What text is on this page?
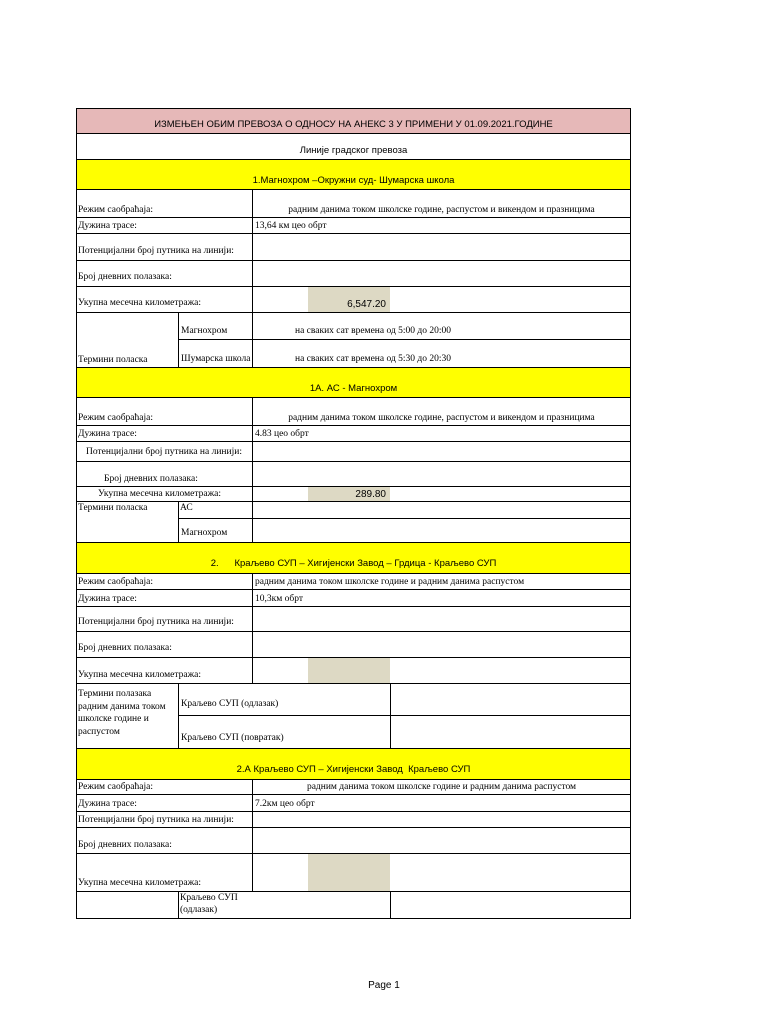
ИЗМЕЊЕН ОБИМ ПРЕВОЗА О ОДНОСУ НА АНЕКС 3 У ПРИМЕНИ У 01.09.2021.ГОДИНЕ
Линије градског превоза
1.Магнохром –Окружни суд- Шумарска школа
Режим саобраћаја:	радним данима током школске године, распустом и викендом и празницима
Дужина трасе:	13,64 км цео обрт
Потенцијални број путника на линији:
Број дневних полазака:
Укупна месечна километража:	6,547.20
Термини поласка
Магнохром	на сваких сат времена од 5:00 до 20:00
Шумарска школа	на сваких сат времена од 5:30 до 20:30
1А. АС - Магнохром
Режим саобраћаја:	радним данима током школске године, распустом и викендом и празницима
Дужина трасе:	4.83 цео обрт
Потенцијални број путника на линији:
Број дневних полазака:
Укупна месечна километража:	289.80
Термини поласка	АС
Магнохром
2.      Краљево СУП – Хигијенски Завод – Грдица - Краљево СУП
Режим саобраћаја:	радним данима током школске године и радним данима распустом
Дужина трасе:	10,3км обрт
Потенцијални број путника на линији:
Број дневних полазака:
Укупна месечна километража:
Термини полазака радним данима током школске године и распустом
Краљево СУП (одлазак)
Краљево СУП (повратак)
2.А Краљево СУП – Хигијенски Завод  Краљево СУП
Режим саобраћаја:	радним данима током школске године и радним данима распустом
Дужина трасе:	7.2км цео обрт
Потенцијални број путника на линији:
Број дневних полазака:
Укупна месечна километража:
Краљево СУП (одлазак)
Page 1
